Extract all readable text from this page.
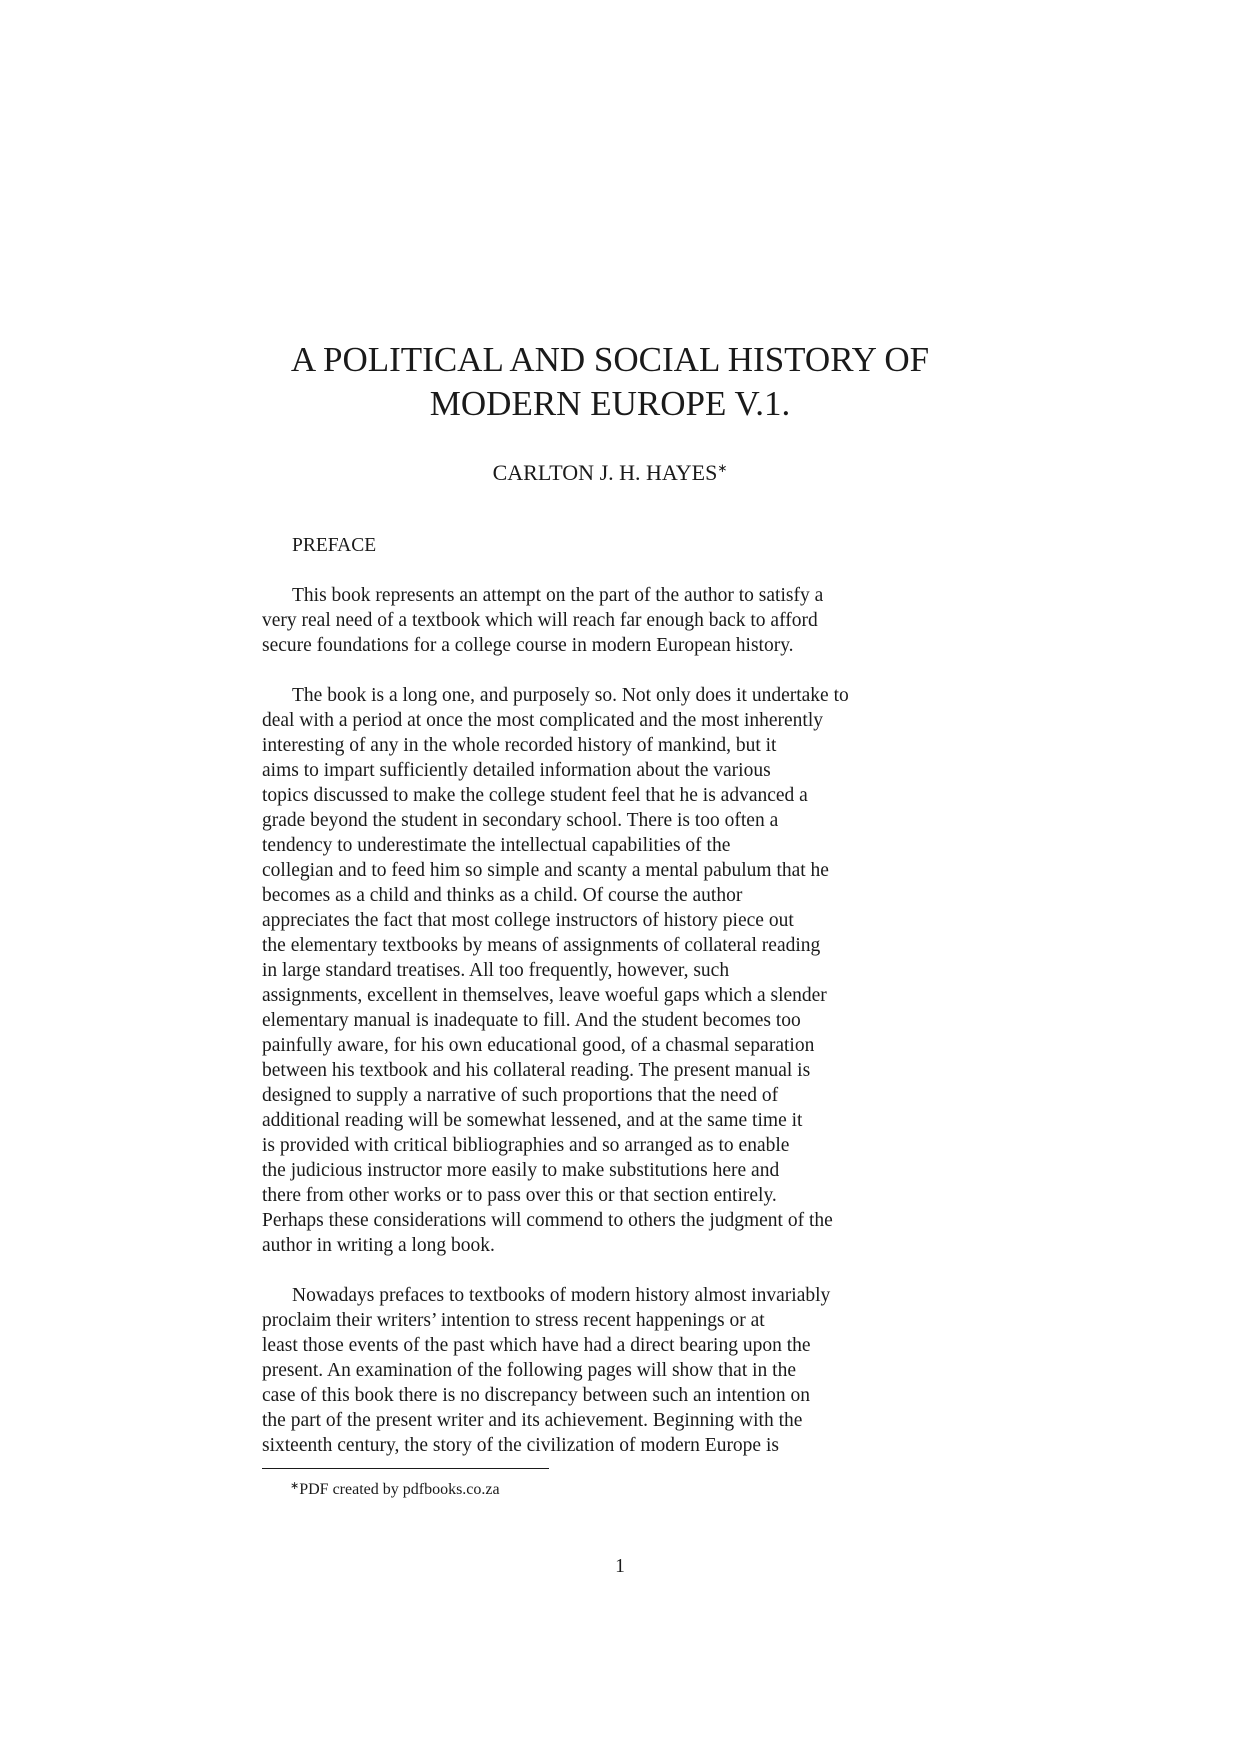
A POLITICAL AND SOCIAL HISTORY OF
MODERN EUROPE V.1.
CARLTON J. H. HAYES∗
PREFACE
This book represents an attempt on the part of the author to satisfy a
very real need of a textbook which will reach far enough back to afford
secure foundations for a college course in modern European history.
The book is a long one, and purposely so. Not only does it undertake to
deal with a period at once the most complicated and the most inherently
interesting of any in the whole recorded history of mankind, but it
aims to impart sufficiently detailed information about the various
topics discussed to make the college student feel that he is advanced a
grade beyond the student in secondary school. There is too often a
tendency to underestimate the intellectual capabilities of the
collegian and to feed him so simple and scanty a mental pabulum that he
becomes as a child and thinks as a child. Of course the author
appreciates the fact that most college instructors of history piece out
the elementary textbooks by means of assignments of collateral reading
in large standard treatises. All too frequently, however, such
assignments, excellent in themselves, leave woeful gaps which a slender
elementary manual is inadequate to fill. And the student becomes too
painfully aware, for his own educational good, of a chasmal separation
between his textbook and his collateral reading. The present manual is
designed to supply a narrative of such proportions that the need of
additional reading will be somewhat lessened, and at the same time it
is provided with critical bibliographies and so arranged as to enable
the judicious instructor more easily to make substitutions here and
there from other works or to pass over this or that section entirely.
Perhaps these considerations will commend to others the judgment of the
author in writing a long book.
Nowadays prefaces to textbooks of modern history almost invariably
proclaim their writers’ intention to stress recent happenings or at
least those events of the past which have had a direct bearing upon the
present. An examination of the following pages will show that in the
case of this book there is no discrepancy between such an intention on
the part of the present writer and its achievement. Beginning with the
sixteenth century, the story of the civilization of modern Europe is
∗PDF created by pdfbooks.co.za
1
